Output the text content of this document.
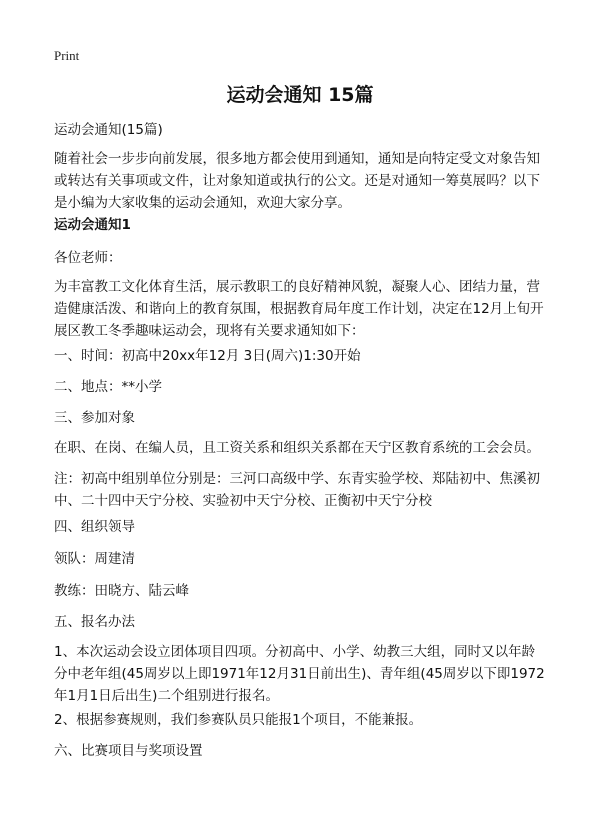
Print
运动会通知 15篇
运动会通知(15篇)
随着社会一步步向前发展，很多地方都会使用到通知，通知是向特定受文对象告知或转达有关事项或文件，让对象知道或执行的公文。还是对通知一筹莫展吗？以下是小编为大家收集的运动会通知，欢迎大家分享。
运动会通知1
各位老师：
为丰富教工文化体育生活，展示教职工的良好精神风貌，凝聚人心、团结力量，营造健康活泼、和谐向上的教育氛围，根据教育局年度工作计划，决定在12月上旬开展区教工冬季趣味运动会，现将有关要求通知如下：
一、时间：初高中20xx年12月 3日(周六)1:30开始
二、地点：**小学
三、参加对象
在职、在岗、在编人员，且工资关系和组织关系都在天宁区教育系统的工会会员。
注：初高中组别单位分别是：三河口高级中学、东青实验学校、郑陆初中、焦溪初中、二十四中天宁分校、实验初中天宁分校、正衡初中天宁分校
四、组织领导
领队：周建清
教练：田晓方、陆云峰
五、报名办法
1、本次运动会设立团体项目四项。分初高中、小学、幼教三大组，同时又以年龄分中老年组(45周岁以上即1971年12月31日前出生)、青年组(45周岁以下即1972年1月1日后出生)二个组别进行报名。
2、根据参赛规则，我们参赛队员只能报1个项目，不能兼报。
六、比赛项目与奖项设置
